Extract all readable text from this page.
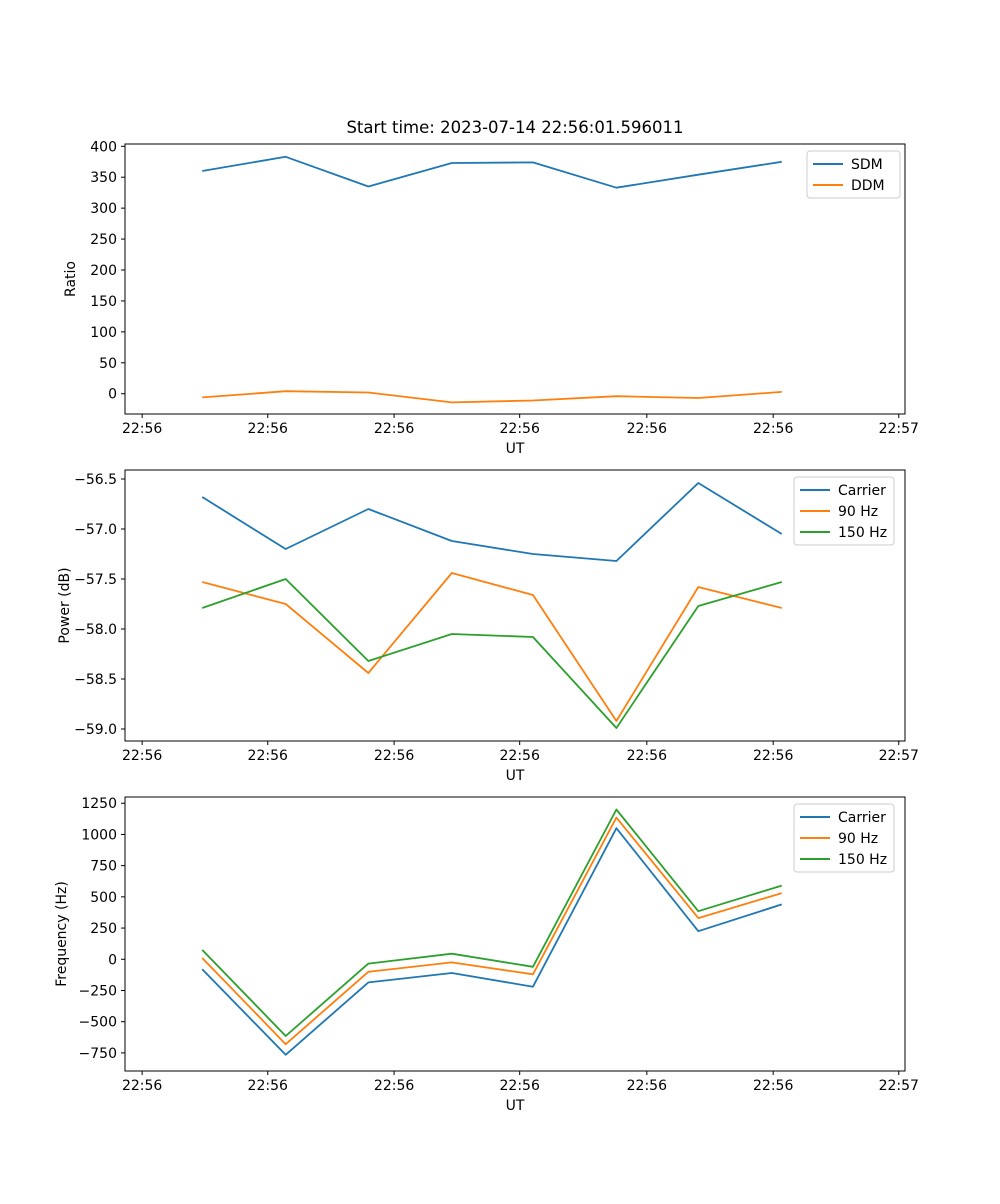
Start time: 2023-07-14 22:56:01.596011
22:56	22:56	22:56	22:56	22:56	22:56	22:57
0
50
100
150
200
250
300
350
400
UT
Ratio
SDM
DDM
22:56	22:56	22:56	22:56	22:56	22:56	22:57
−59.0
−58.5
−58.0
−57.5
−57.0
−56.5
UT
Power (dB)
Carrier
90 Hz
150 Hz
22:56	22:56	22:56	22:56	22:56	22:56	22:57
−750
−500
−250
0
250
500
750
1000
1250
UT
Frequency (Hz)
Carrier
90 Hz
150 Hz
